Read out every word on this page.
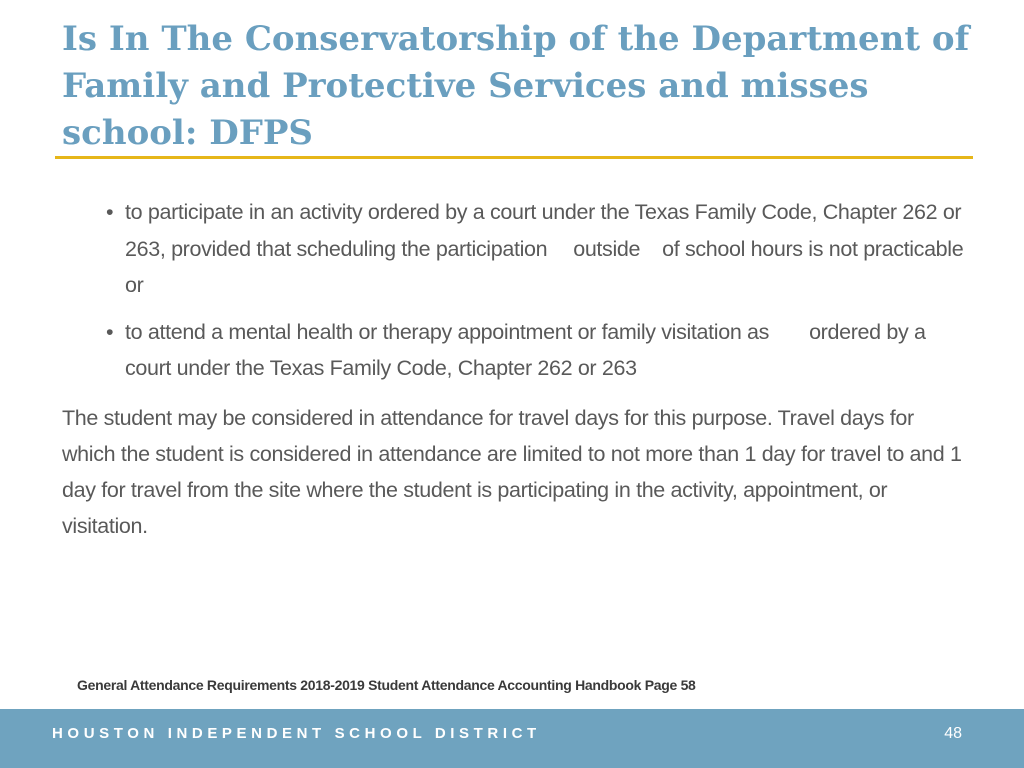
Is In The Conservatorship of the Department of Family and Protective Services and misses school: DFPS
• to participate in an activity ordered by a court under the Texas Family Code, Chapter 262 or 263, provided that scheduling the participation outside of school hours is not practicable or
• to attend a mental health or therapy appointment or family visitation as ordered by a court under the Texas Family Code, Chapter 262 or 263

The student may be considered in attendance for travel days for this purpose. Travel days for which the student is considered in attendance are limited to not more than 1 day for travel to and 1 day for travel from the site where the student is participating in the activity, appointment, or visitation.

General Attendance Requirements 2018-2019 Student Attendance Accounting Handbook Page 58

HOUSTON INDEPENDENT SCHOOL DISTRICT	48
